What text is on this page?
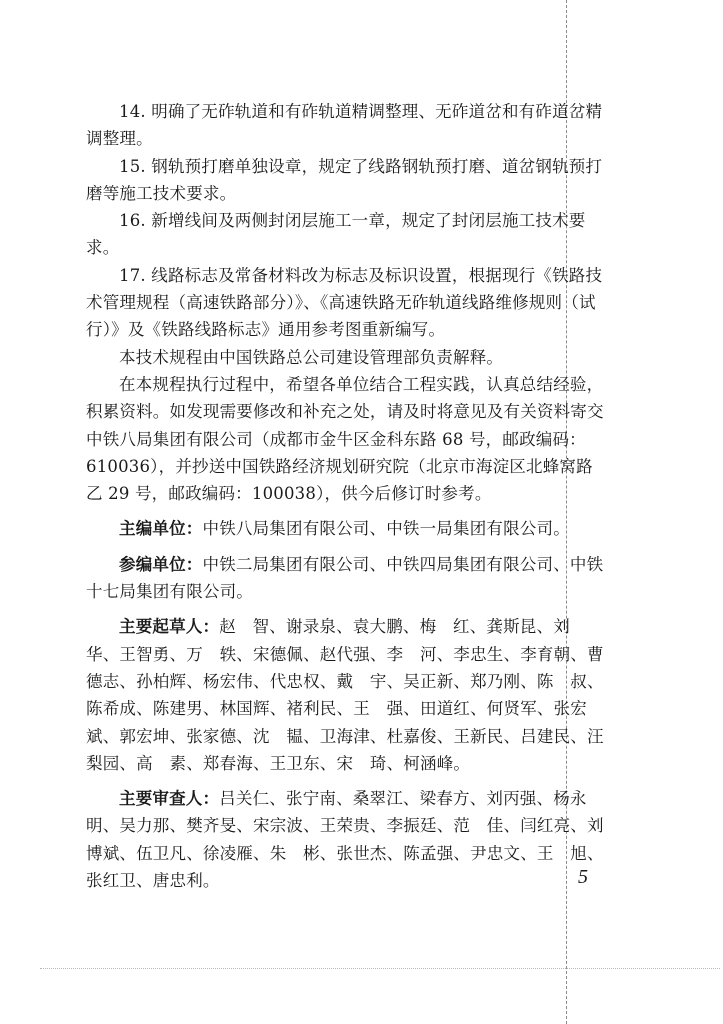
14. 明确了无砟轨道和有砟轨道精调整理、无砟道岔和有砟道岔精调整理。

15. 钢轨预打磨单独设章，规定了线路钢轨预打磨、道岔钢轨预打磨等施工技术要求。

16. 新增线间及两侧封闭层施工一章，规定了封闭层施工技术要求。

17. 线路标志及常备材料改为标志及标识设置，根据现行《铁路技术管理规程（高速铁路部分）》、《高速铁路无砟轨道线路维修规则（试行）》及《铁路线路标志》通用参考图重新编写。

本技术规程由中国铁路总公司建设管理部负责解释。

在本规程执行过程中，希望各单位结合工程实践，认真总结经验，积累资料。如发现需要修改和补充之处，请及时将意见及有关资料寄交中铁八局集团有限公司（成都市金牛区金科东路 68 号，邮政编码：610036），并抄送中国铁路经济规划研究院（北京市海淀区北蜂窝路乙 29 号，邮政编码：100038），供今后修订时参考。

主编单位：中铁八局集团有限公司、中铁一局集团有限公司。

参编单位：中铁二局集团有限公司、中铁四局集团有限公司、中铁十七局集团有限公司。

主要起草人：赵　智、谢录泉、袁大鹏、梅　红、龚斯昆、刘　华、王智勇、万　轶、宋德佩、赵代强、李　河、李忠生、李育朝、曹德志、孙柏辉、杨宏伟、代忠权、戴　宇、吴正新、郑乃刚、陈　叔、陈希成、陈建男、林国辉、褚利民、王　强、田道红、何贤军、张宏斌、郭宏坤、张家德、沈　韫、卫海津、杜嘉俊、王新民、吕建民、汪梨园、高　素、郑春海、王卫东、宋　琦、柯涵峰。

主要审查人：吕关仁、张宁南、桑翠江、梁春方、刘丙强、杨永明、吴力那、樊齐旻、宋宗波、王荣贵、李振廷、范　佳、闫红亮、刘博斌、伍卫凡、徐凌雁、朱　彬、张世杰、陈孟强、尹忠文、王　旭、张红卫、唐忠利。	5
